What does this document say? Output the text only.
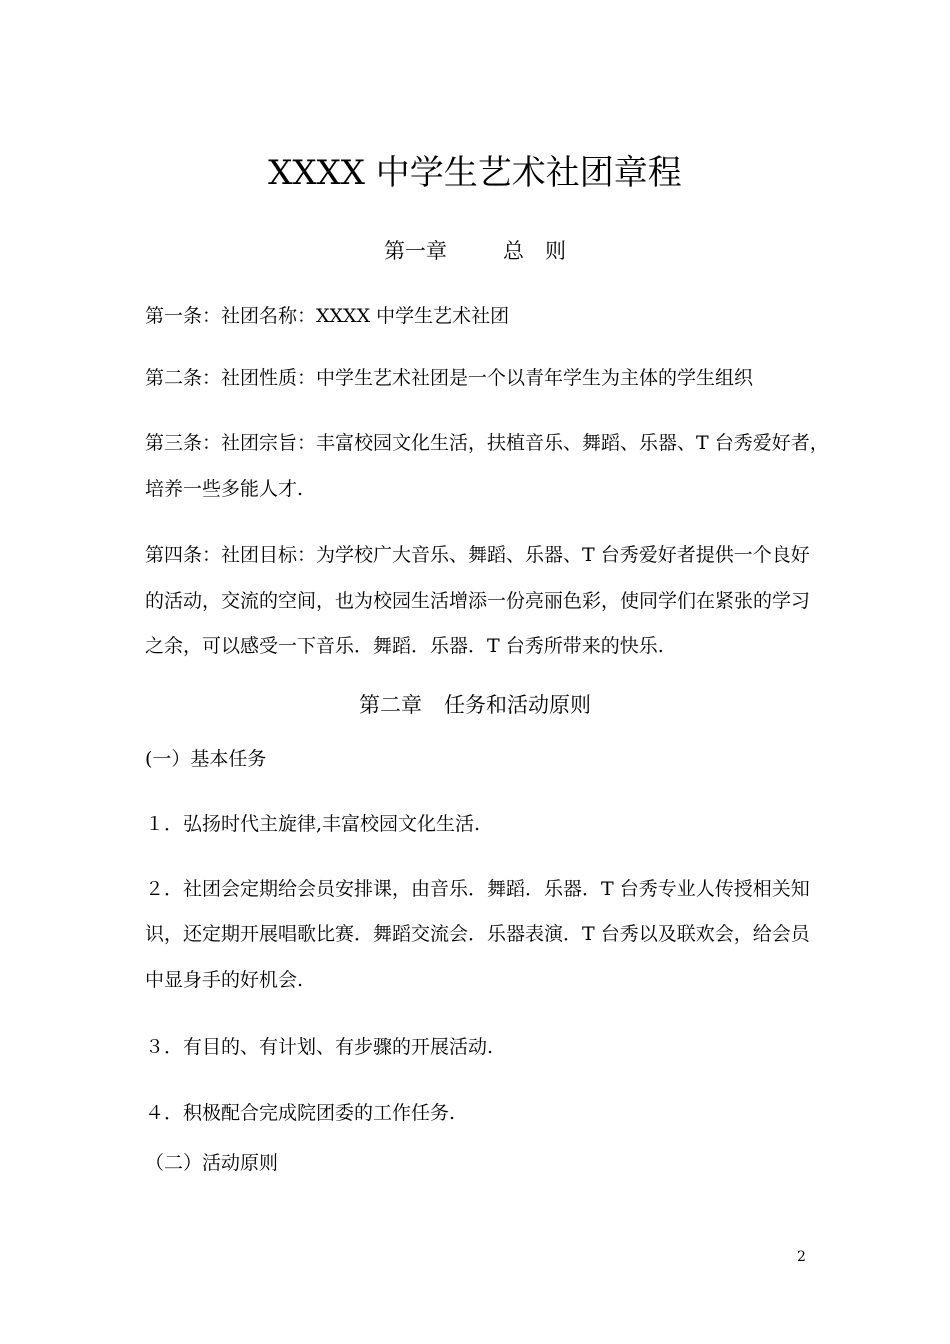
XXXX 中学生艺术社团章程
第一章	总　则
第一条：社团名称：XXXX 中学生艺术社团
第二条：社团性质：中学生艺术社团是一个以青年学生为主体的学生组织
第三条：社团宗旨：丰富校园文化生活，扶植音乐、舞蹈、乐器、T 台秀爱好者，
培养一些多能人才.
第四条：社团目标：为学校广大音乐、舞蹈、乐器、T 台秀爱好者提供一个良好
的活动，交流的空间，也为校园生活增添一份亮丽色彩，使同学们在紧张的学习
之余，可以感受一下音乐．舞蹈．乐器．T 台秀所带来的快乐.
第二章 任务和活动原则
(一）基本任务
１．弘扬时代主旋律,丰富校园文化生活.
２．社团会定期给会员安排课，由音乐．舞蹈．乐器．T 台秀专业人传授相关知
识，还定期开展唱歌比赛．舞蹈交流会．乐器表演．T 台秀以及联欢会，给会员
中显身手的好机会.
３．有目的、有计划、有步骤的开展活动.
４．积极配合完成院团委的工作任务.
（二）活动原则
2
